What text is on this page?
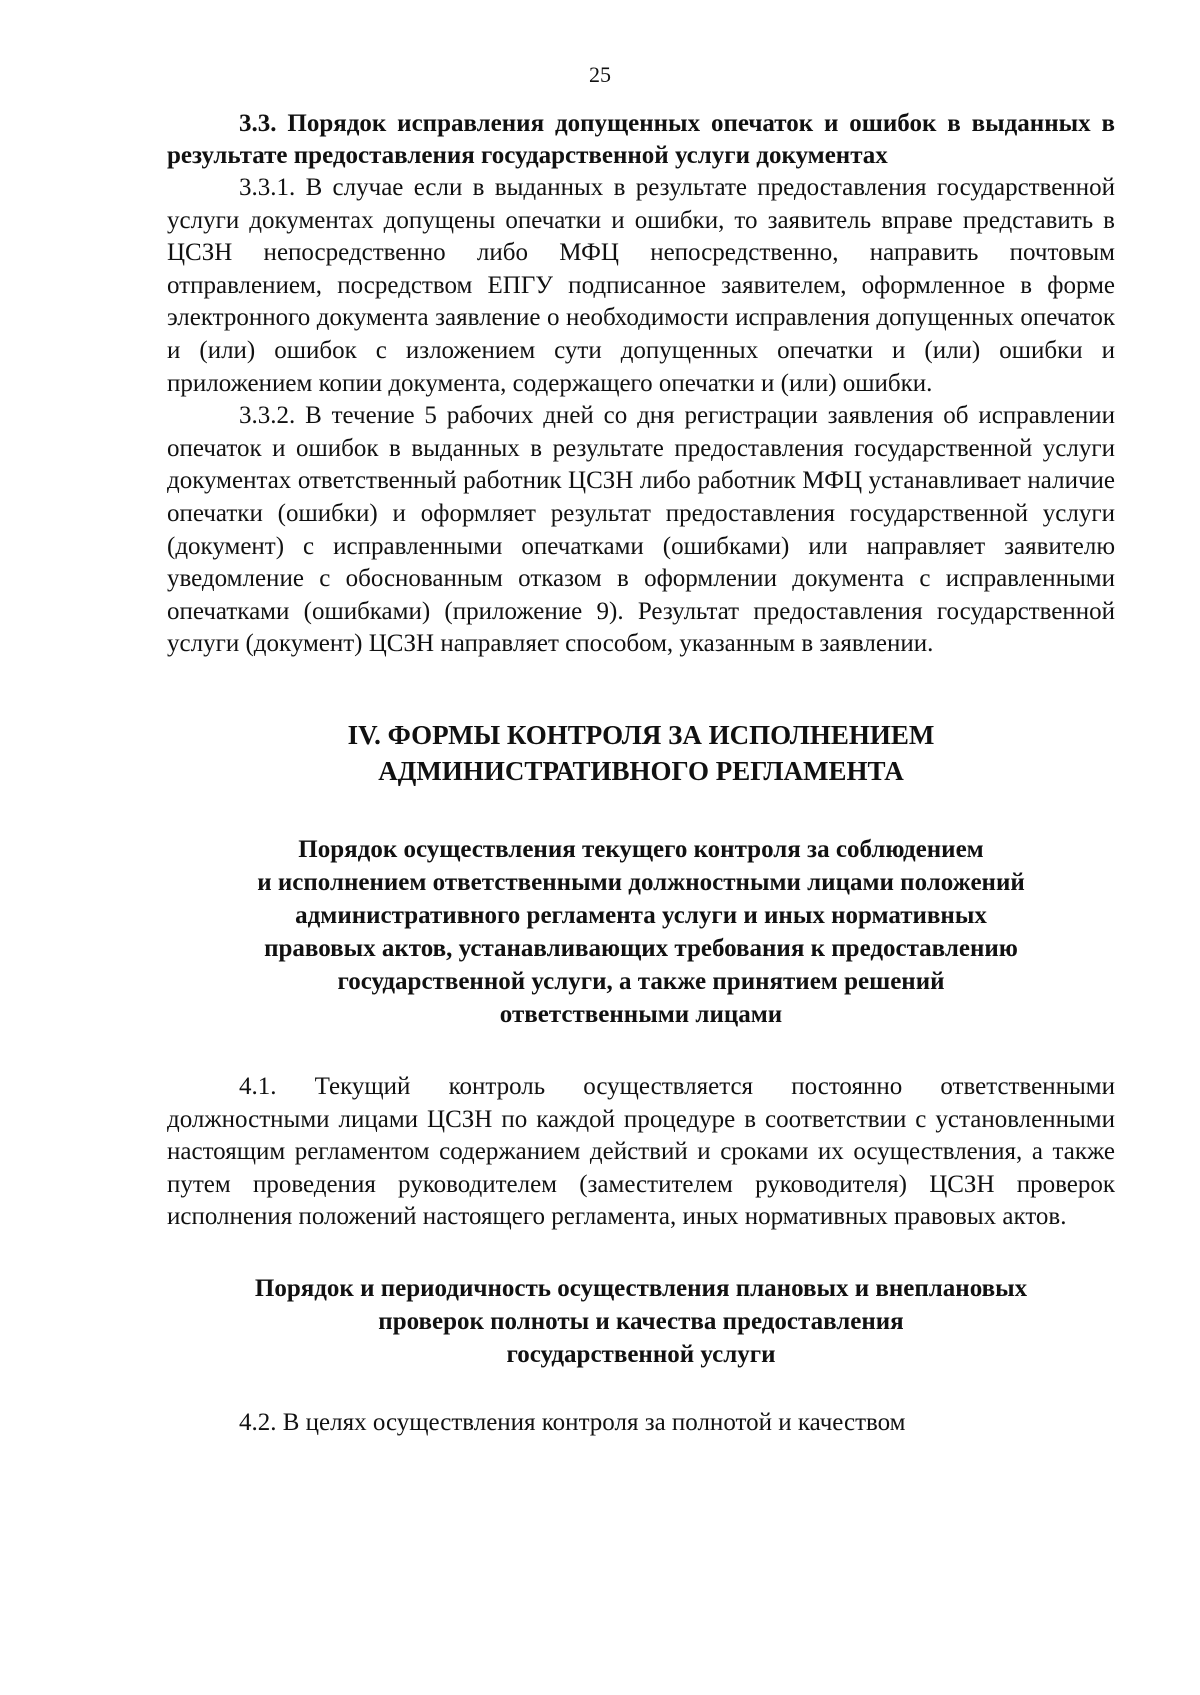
25

3.3. Порядок исправления допущенных опечаток и ошибок в выданных в результате предоставления государственной услуги документах

3.3.1. В случае если в выданных в результате предоставления государственной услуги документах допущены опечатки и ошибки, то заявитель вправе представить в ЦСЗН непосредственно либо МФЦ непосредственно, направить почтовым отправлением, посредством ЕПГУ подписанное заявителем, оформленное в форме электронного документа заявление о необходимости исправления допущенных опечаток и (или) ошибок с изложением сути допущенных опечатки и (или) ошибки и приложением копии документа, содержащего опечатки и (или) ошибки.

3.3.2. В течение 5 рабочих дней со дня регистрации заявления об исправлении опечаток и ошибок в выданных в результате предоставления государственной услуги документах ответственный работник ЦСЗН либо работник МФЦ устанавливает наличие опечатки (ошибки) и оформляет результат предоставления государственной услуги (документ) с исправленными опечатками (ошибками) или направляет заявителю уведомление с обоснованным отказом в оформлении документа с исправленными опечатками (ошибками) (приложение 9). Результат предоставления государственной услуги (документ) ЦСЗН направляет способом, указанным в заявлении.

IV. ФОРМЫ КОНТРОЛЯ ЗА ИСПОЛНЕНИЕМ

АДМИНИСТРАТИВНОГО РЕГЛАМЕНТА

Порядок осуществления текущего контроля за соблюдением

и исполнением ответственными должностными лицами положений

административного регламента услуги и иных нормативных

правовых актов, устанавливающих требования к предоставлению

государственной услуги, а также принятием решений

ответственными лицами

4.1. Текущий контроль осуществляется постоянно ответственными должностными лицами ЦСЗН по каждой процедуре в соответствии с установленными настоящим регламентом содержанием действий и сроками их осуществления, а также путем проведения руководителем (заместителем руководителя) ЦСЗН проверок исполнения положений настоящего регламента, иных нормативных правовых актов.

Порядок и периодичность осуществления плановых и внеплановых

проверок полноты и качества предоставления

государственной услуги

4.2. В целях осуществления контроля за полнотой и качеством
